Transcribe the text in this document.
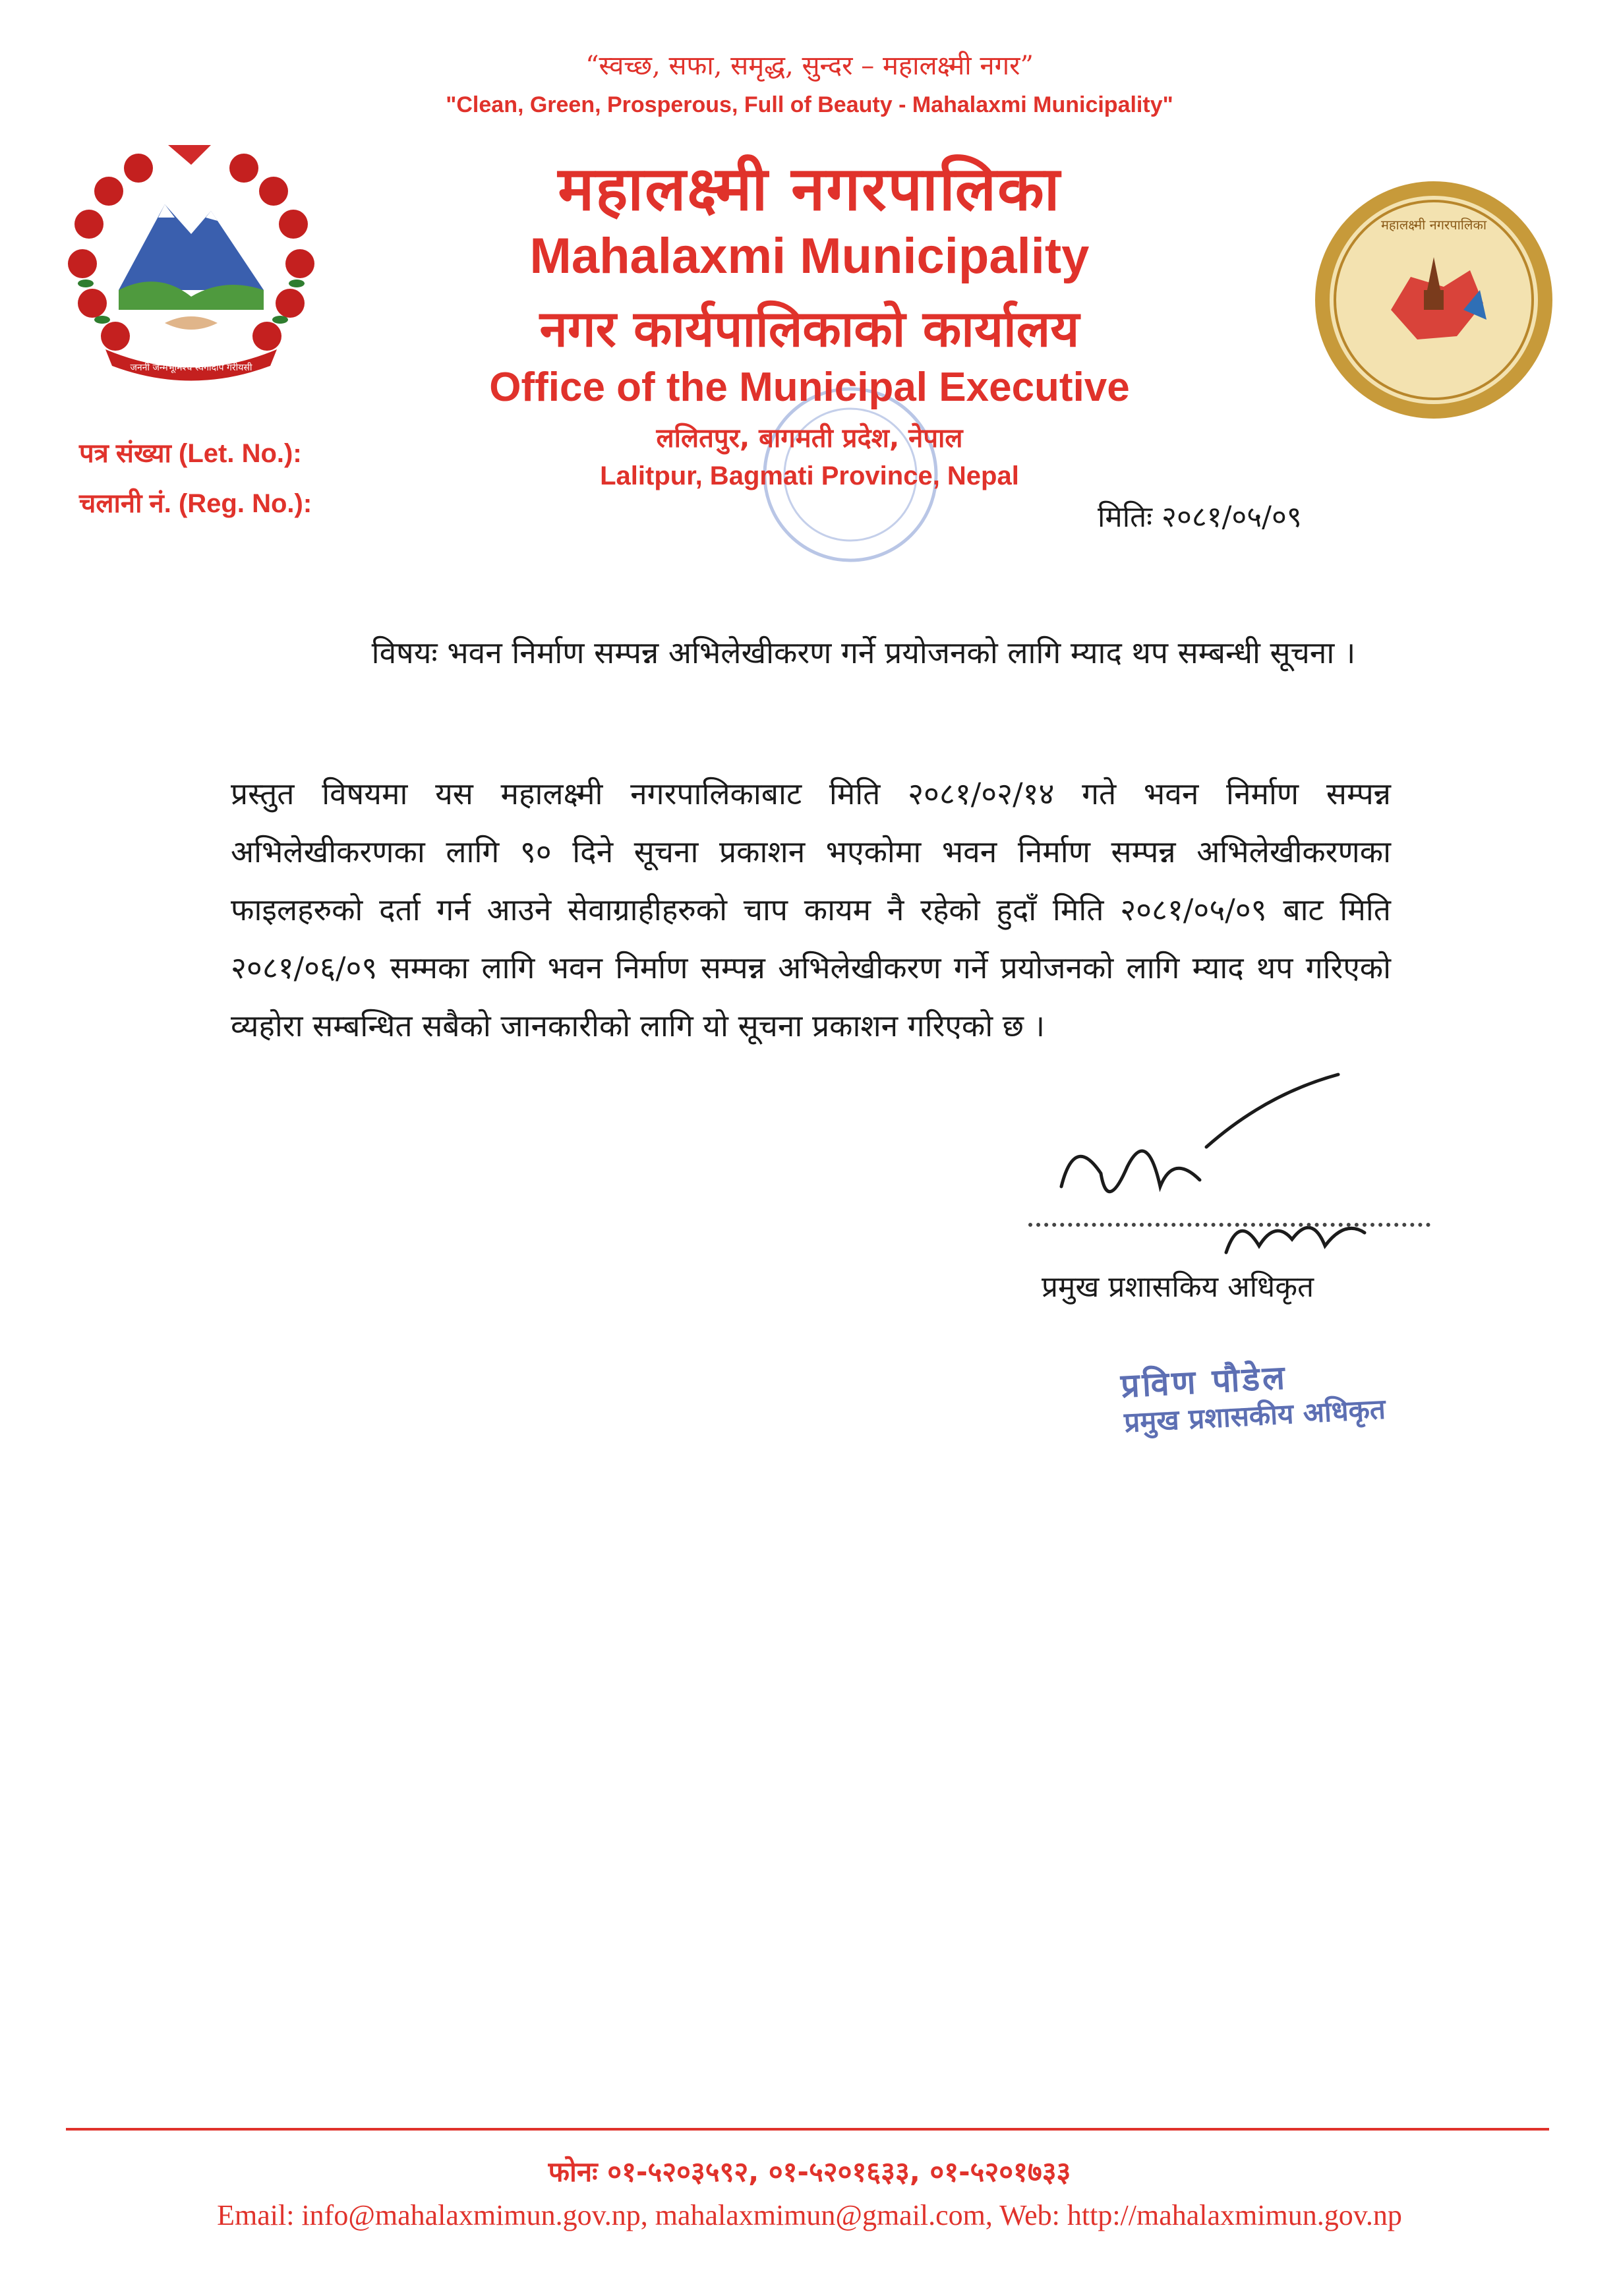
जननी जन्मभूमिश्च स्वर्गादपि गरीयसी
महालक्ष्मी नगरपालिका
“स्वच्छ, सफा, समृद्ध, सुन्दर – महालक्ष्मी नगर”
"Clean, Green, Prosperous, Full of Beauty - Mahalaxmi Municipality"
महालक्ष्मी नगरपालिका
Mahalaxmi Municipality
नगर कार्यपालिकाको कार्यालय
Office of the Municipal Executive
ललितपुर, बागमती प्रदेश, नेपाल
Lalitpur, Bagmati Province, Nepal
पत्र संख्या (Let. No.):
चलानी नं. (Reg. No.):	मितिः २०८१/०५/०९
विषयः भवन निर्माण सम्पन्न अभिलेखीकरण गर्ने प्रयोजनको लागि म्याद थप सम्बन्धी सूचना ।
प्रस्तुत विषयमा यस महालक्ष्मी नगरपालिकाबाट मिति २०८१/०२/१४ गते भवन निर्माण सम्पन्न अभिलेखीकरणका लागि ९० दिने सूचना प्रकाशन भएकोमा भवन निर्माण सम्पन्न अभिलेखीकरणका फाइलहरुको दर्ता गर्न आउने सेवाग्राहीहरुको चाप कायम नै रहेको हुदाँ मिति २०८१/०५/०९ बाट मिति २०८१/०६/०९ सम्मका लागि भवन निर्माण सम्पन्न अभिलेखीकरण गर्ने प्रयोजनको लागि म्याद थप गरिएको व्यहोरा सम्बन्धित सबैको जानकारीको लागि यो सूचना प्रकाशन गरिएको छ ।
प्रमुख प्रशासकिय अधिकृत
प्रविण पौडेल
प्रमुख प्रशासकीय अधिकृत
फोनः ०१-५२०३५९२, ०१-५२०१६३३, ०१-५२०१७३३
Email: info@mahalaxmimun.gov.np, mahalaxmimun@gmail.com, Web: http://mahalaxmimun.gov.np
